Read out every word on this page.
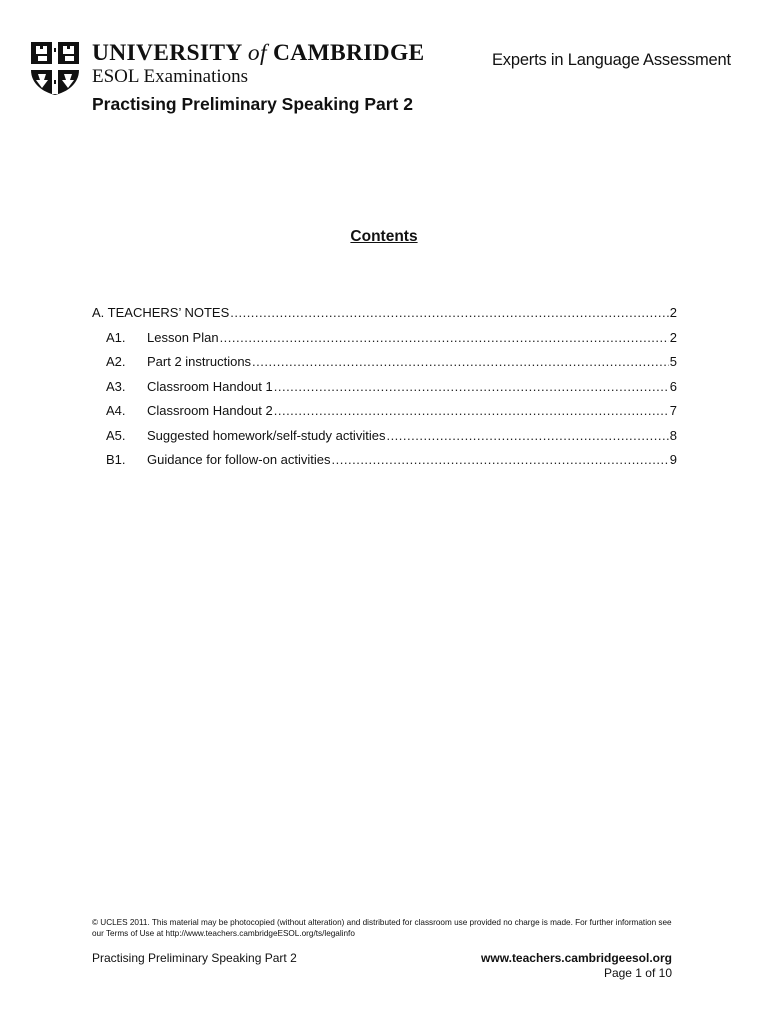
UNIVERSITY of CAMBRIDGE
ESOL Examinations
Experts in Language Assessment
Practising Preliminary Speaking Part 2
Contents
A. TEACHERS’ NOTES .....	2
A1.	Lesson Plan .....	2
A2.	Part 2 instructions .....	5
A3.	Classroom Handout 1 .....	6
A4.	Classroom Handout 2 .....	7
A5.	Suggested homework/self-study activities .....	8
B1.	Guidance for follow-on activities .....	9
© UCLES 2011. This material may be photocopied (without alteration) and distributed for classroom use provided no charge is made. For further information see our Terms of Use at http://www.teachers.cambridgeESOL.org/ts/legalinfo
Practising Preliminary Speaking Part 2	www.teachers.cambridgeesol.org
Page 1 of 10
